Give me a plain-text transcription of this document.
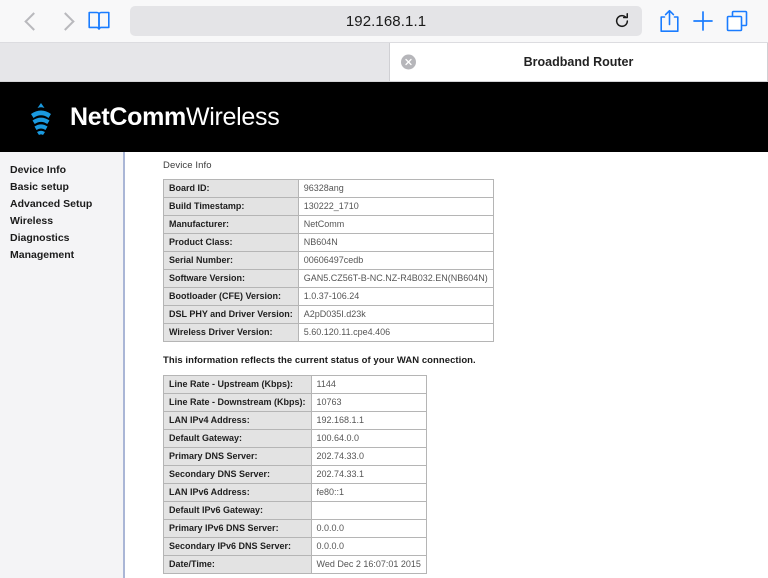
192.168.1.1
Broadband Router
NetCommWireless
Device Info
Basic setup
Advanced Setup
Wireless
Diagnostics
Management
Device Info
Board ID:	96328ang
Build Timestamp:	130222_1710
Manufacturer:	NetComm
Product Class:	NB604N
Serial Number:	00606497cedb
Software Version:	GAN5.CZ56T-B-NC.NZ-R4B032.EN(NB604N)
Bootloader (CFE) Version:	1.0.37-106.24
DSL PHY and Driver Version:	A2pD035I.d23k
Wireless Driver Version:	5.60.120.11.cpe4.406
This information reflects the current status of your WAN connection.
Line Rate - Upstream (Kbps):	1144
Line Rate - Downstream (Kbps):	10763
LAN IPv4 Address:	192.168.1.1
Default Gateway:	100.64.0.0
Primary DNS Server:	202.74.33.0
Secondary DNS Server:	202.74.33.1
LAN IPv6 Address:	fe80::1
Default IPv6 Gateway:	
Primary IPv6 DNS Server:	0.0.0.0
Secondary IPv6 DNS Server:	0.0.0.0
Date/Time:	Wed Dec 2 16:07:01 2015
